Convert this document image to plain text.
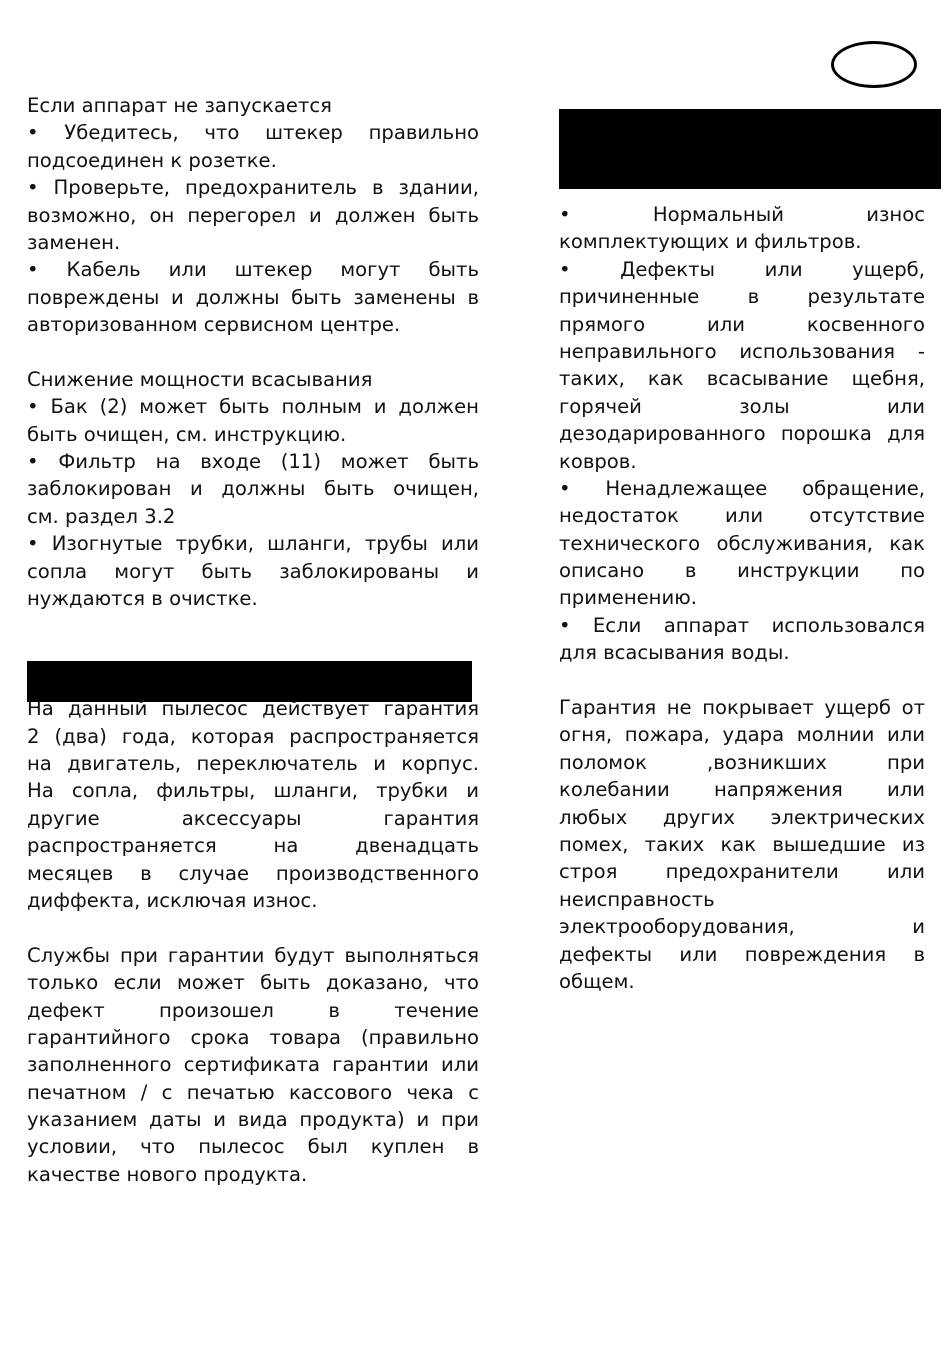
Если аппарат не запускается
• Убедитесь, что штекер правильно
подсоединен к розетке.
• Проверьте, предохранитель в здании,
возможно, он перегорел и должен быть
заменен.
• Кабель или штекер могут быть
повреждены и должны быть заменены в
авторизованном сервисном центре.
Снижение мощности всасывания
• Бак (2) может быть полным и должен
быть очищен, см. инструкцию.
• Фильтр на входе (11) может быть
заблокирован и должны быть очищен,
см. раздел 3.2
• Изогнутые трубки, шланги, трубы или
сопла могут быть заблокированы и
нуждаются в очистке.
На данный пылесос действует гарантия
2 (два) года, которая распространяется
на двигатель, переключатель и корпус.
На сопла, фильтры, шланги, трубки и
другие аксессуары гарантия
распространяется на двенадцать
месяцев в случае производственного
диффекта, исключая износ.
Службы при гарантии будут выполняться
только если может быть доказано, что
дефект произошел в течение
гарантийного срока товара (правильно
заполненного сертификата гарантии или
печатном / с печатью кассового чека с
указанием даты и вида продукта) и при
условии, что пылесос был куплен в
качестве нового продукта.
• Нормальный износ
комплектующих и фильтров.
• Дефекты или ущерб,
причиненные в результате
прямого или косвенного
неправильного использования -
таких, как всасывание щебня,
горячей золы или
дезодарированного порошка для
ковров.
• Ненадлежащее обращение,
недостаток или отсутствие
технического обслуживания, как
описано в инструкции по
применению.
• Если аппарат использовался
для всасывания воды.
Гарантия не покрывает ущерб от
огня, пожара, удара молнии или
поломок ,возникших при
колебании напряжения или
любых других электрических
помех, таких как вышедшие из
строя предохранители или
неисправность
электрооборудования, и
дефекты или повреждения в
общем.
